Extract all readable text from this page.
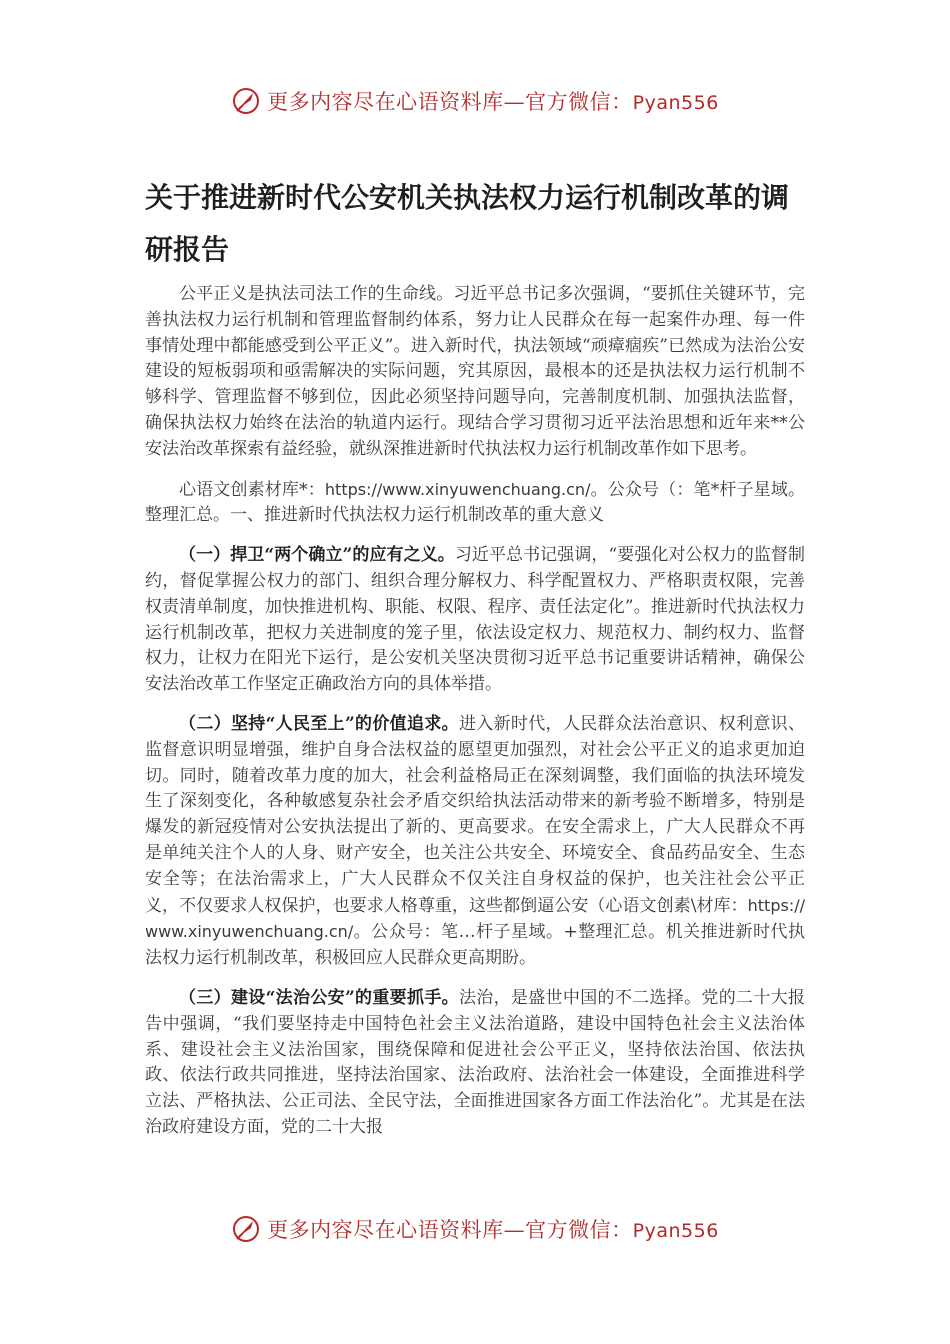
更多内容尽在心语资料库—官方微信：Pyan556
关于推进新时代公安机关执法权力运行机制改革的调研报告

公平正义是执法司法工作的生命线。习近平总书记多次强调，“要抓住关键环节，完善执法权力运行机制和管理监督制约体系，努力让人民群众在每一起案件办理、每一件事情处理中都能感受到公平正义”。进入新时代，执法领域“顽瘴痼疾”已然成为法治公安建设的短板弱项和亟需解决的实际问题，究其原因，最根本的还是执法权力运行机制不够科学、管理监督不够到位，因此必须坚持问题导向，完善制度机制、加强执法监督，确保执法权力始终在法治的轨道内运行。现结合学习贯彻习近平法治思想和近年来**公安法治改革探索有益经验，就纵深推进新时代执法权力运行机制改革作如下思考。

心语文创素材库*：https://www.xinyuwenchuang.cn/。公众号（：笔*杆子星域。整理汇总。一、推进新时代执法权力运行机制改革的重大意义

（一）捍卫“两个确立”的应有之义。习近平总书记强调，“要强化对公权力的监督制约，督促掌握公权力的部门、组织合理分解权力、科学配置权力、严格职责权限，完善权责清单制度，加快推进机构、职能、权限、程序、责任法定化”。推进新时代执法权力运行机制改革，把权力关进制度的笼子里，依法设定权力、规范权力、制约权力、监督权力，让权力在阳光下运行，是公安机关坚决贯彻习近平总书记重要讲话精神，确保公安法治改革工作坚定正确政治方向的具体举措。

（二）坚持“人民至上”的价值追求。进入新时代，人民群众法治意识、权利意识、监督意识明显增强，维护自身合法权益的愿望更加强烈，对社会公平正义的追求更加迫切。同时，随着改革力度的加大，社会利益格局正在深刻调整，我们面临的执法环境发生了深刻变化，各种敏感复杂社会矛盾交织给执法活动带来的新考验不断增多，特别是爆发的新冠疫情对公安执法提出了新的、更高要求。在安全需求上，广大人民群众不再是单纯关注个人的人身、财产安全，也关注公共安全、环境安全、食品药品安全、生态安全等；在法治需求上，广大人民群众不仅关注自身权益的保护，也关注社会公平正义，不仅要求人权保护，也要求人格尊重，这些都倒逼公安（心语文创素\材库：https://www.xinyuwenchuang.cn/。公众号：笔…杆子星域。+整理汇总。机关推进新时代执法权力运行机制改革，积极回应人民群众更高期盼。

（三）建设“法治公安”的重要抓手。法治，是盛世中国的不二选择。党的二十大报告中强调，“我们要坚持走中国特色社会主义法治道路，建设中国特色社会主义法治体系、建设社会主义法治国家，围绕保障和促进社会公平正义，坚持依法治国、依法执政、依法行政共同推进，坚持法治国家、法治政府、法治社会一体建设，全面推进科学立法、严格执法、公正司法、全民守法，全面推进国家各方面工作法治化”。尤其是在法治政府建设方面，党的二十大报

更多内容尽在心语资料库—官方微信：Pyan556
